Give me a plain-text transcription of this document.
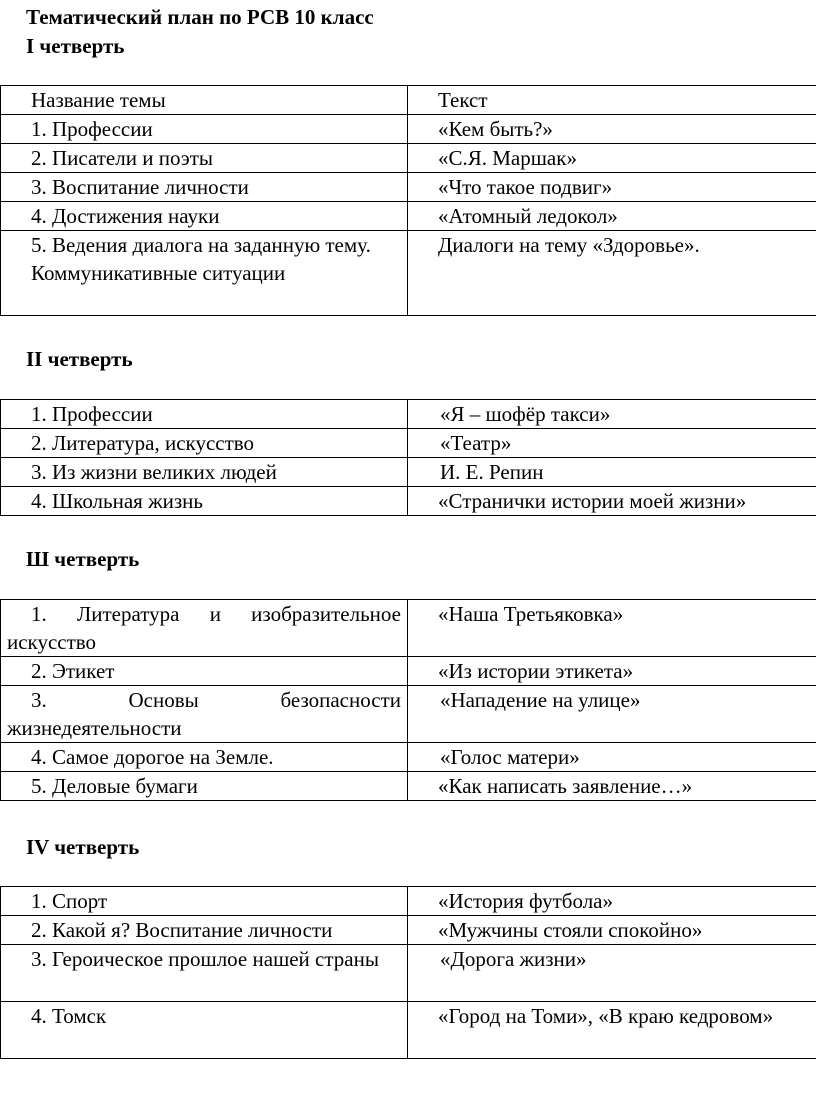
Тематический план по РСВ 10 класс
I четверть
Название темы	Текст
1. Профессии	«Кем быть?»
2. Писатели и поэты	«С.Я. Маршак»
3. Воспитание личности	«Что такое подвиг»
4. Достижения науки	«Атомный ледокол»
5. Ведения диалога на заданную тему.
Коммуникативные ситуации	Диалоги на тему «Здоровье».
II четверть
1. Профессии	«Я – шофёр такси»
2. Литература, искусство	«Театр»
3. Из жизни великих людей	И. Е. Репин
4. Школьная жизнь	«Странички истории моей жизни»
Ш четверть
1. Литература и изобразительное искусство	«Наша Третьяковка»
2. Этикет	«Из истории этикета»
3. Основы безопасности жизнедеятельности	«Нападение на улице»
4. Самое дорогое на Земле.	«Голос матери»
5. Деловые бумаги	«Как написать заявление…»
IV четверть
1. Спорт	«История футбола»
2. Какой я? Воспитание личности	«Мужчины стояли спокойно»
3. Героическое прошлое нашей страны	«Дорога жизни»
4. Томск	«Город на Томи», «В краю кедровом»
